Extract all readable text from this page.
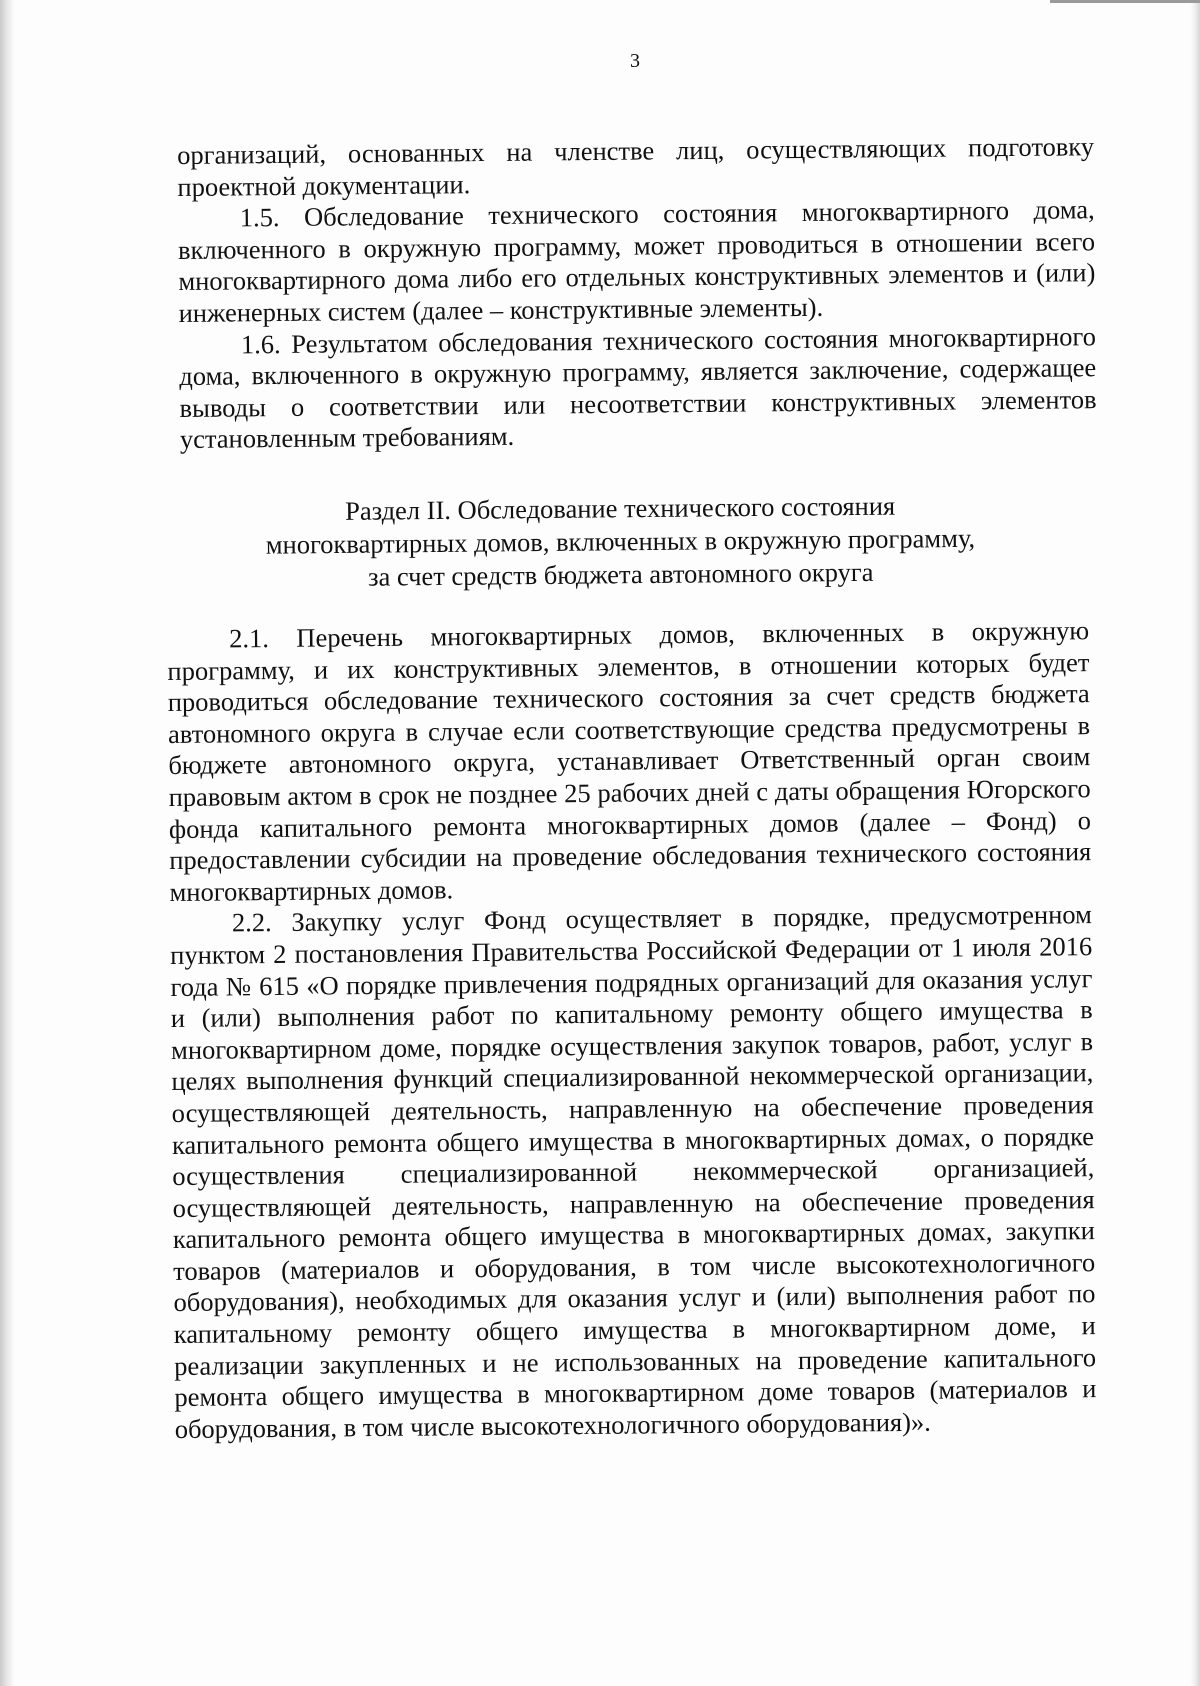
3

организаций, основанных на членстве лиц, осуществляющих подготовку проектной документации.

1.5. Обследование технического состояния многоквартирного дома, включенного в окружную программу, может проводиться в отношении всего многоквартирного дома либо его отдельных конструктивных элементов и (или) инженерных систем (далее – конструктивные элементы).

1.6. Результатом обследования технического состояния многоквартирного дома, включенного в окружную программу, является заключение, содержащее выводы о соответствии или несоответствии конструктивных элементов установленным требованиям.

Раздел II. Обследование технического состояния
многоквартирных домов, включенных в окружную программу,
за счет средств бюджета автономного округа

2.1. Перечень многоквартирных домов, включенных в окружную программу, и их конструктивных элементов, в отношении которых будет проводиться обследование технического состояния за счет средств бюджета автономного округа в случае если соответствующие средства предусмотрены в бюджете автономного округа, устанавливает Ответственный орган своим правовым актом в срок не позднее 25 рабочих дней с даты обращения Югорского фонда капитального ремонта многоквартирных домов (далее – Фонд) о предоставлении субсидии на проведение обследования технического состояния многоквартирных домов.

2.2. Закупку услуг Фонд осуществляет в порядке, предусмотренном пунктом 2 постановления Правительства Российской Федерации от 1 июля 2016 года № 615 «О порядке привлечения подрядных организаций для оказания услуг и (или) выполнения работ по капитальному ремонту общего имущества в многоквартирном доме, порядке осуществления закупок товаров, работ, услуг в целях выполнения функций специализированной некоммерческой организации, осуществляющей деятельность, направленную на обеспечение проведения капитального ремонта общего имущества в многоквартирных домах, о порядке осуществления специализированной некоммерческой организацией, осуществляющей деятельность, направленную на обеспечение проведения капитального ремонта общего имущества в многоквартирных домах, закупки товаров (материалов и оборудования, в том числе высокотехнологичного оборудования), необходимых для оказания услуг и (или) выполнения работ по капитальному ремонту общего имущества в многоквартирном доме, и реализации закупленных и не использованных на проведение капитального ремонта общего имущества в многоквартирном доме товаров (материалов и оборудования, в том числе высокотехнологичного оборудования)».
